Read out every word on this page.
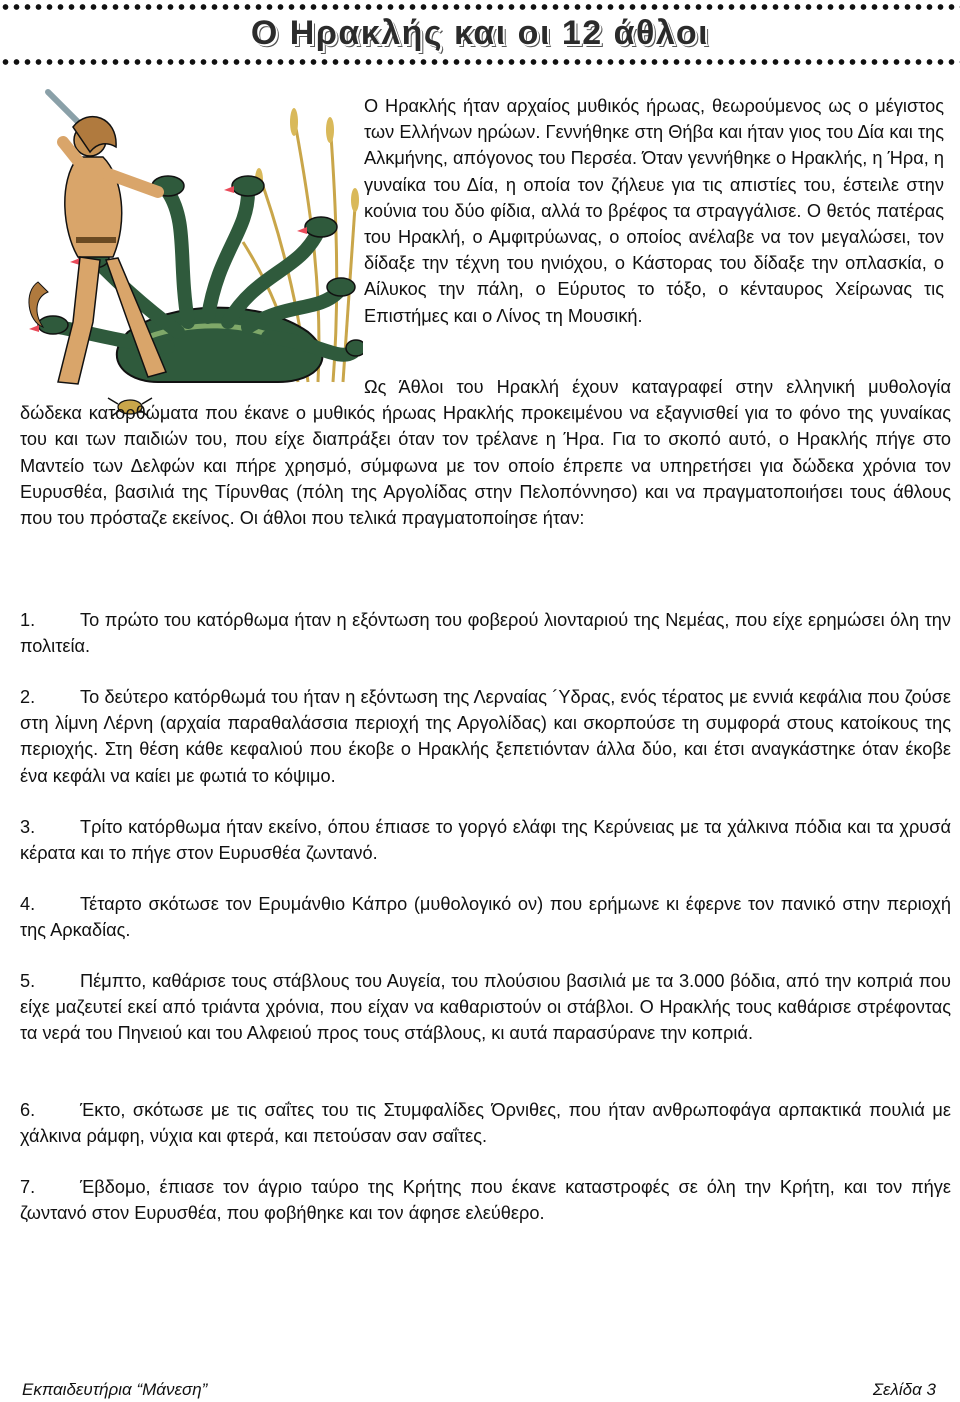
Ο Ηρακλής και οι 12 άθλοι

Ο Ηρακλής ήταν αρχαίος μυθικός ήρωας, θεωρούμενος ως ο μέγιστος των Ελλήνων ηρώων. Γεννήθηκε στη Θήβα και ήταν γιος του Δία και της Αλκμήνης, απόγονος του Περσέα. Όταν γεννήθηκε ο Ηρακλής, η Ήρα, η γυναίκα του Δία, η οποία τον ζήλευε για τις απιστίες του, έστειλε στην κούνια του δύο φίδια, αλλά το βρέφος τα στραγγάλισε. Ο θετός πατέρας του Ηρακλή, ο Αμφιτρύωνας, ο οποίος ανέλαβε να τον μεγαλώσει, τον δίδαξε την τέχνη του ηνιόχου, ο Κάστορας του δίδαξε την οπλασκία, ο Αίλυκος την πάλη, ο Εύρυτος το τόξο, ο κένταυρος Χείρωνας τις Επιστήμες και ο Λίνος τη Μουσική.

Ως Άθλοι του Ηρακλή έχουν καταγραφεί στην ελληνική μυθολογία δώδεκα κατορθώματα που έκανε ο μυθικός ήρωας Ηρακλής προκειμένου να εξαγνισθεί για το φόνο της γυναίκας του και των παιδιών του, που είχε διαπράξει όταν τον τρέλανε η Ήρα. Για το σκοπό αυτό, ο Ηρακλής πήγε στο Μαντείο των Δελφών και πήρε χρησμό, σύμφωνα με τον οποίο έπρεπε να υπηρετήσει για δώδεκα χρόνια τον Ευρυσθέα, βασιλιά της Τίρυνθας (πόλη της Αργολίδας στην Πελοπόννησο) και να πραγματοποιήσει τους άθλους που του πρόσταζε εκείνος. Οι άθλοι που τελικά πραγματοποίησε ήταν:

1. Το πρώτο του κατόρθωμα ήταν η εξόντωση του φοβερού λιονταριού της Νεμέας, που είχε ερημώσει όλη την πολιτεία.

2. Το δεύτερο κατόρθωμά του ήταν η εξόντωση της Λερναίας ´Υδρας, ενός τέρατος με εννιά κεφάλια που ζούσε στη λίμνη Λέρνη (αρχαία παραθαλάσσια περιοχή της Αργολίδας) και σκορπούσε τη συμφορά στους κατοίκους της περιοχής. Στη θέση κάθε κεφαλιού που έκοβε ο Ηρακλής ξεπετιόνταν άλλα δύο, και έτσι αναγκάστηκε όταν έκοβε ένα κεφάλι να καίει με φωτιά το κόψιμο.

3. Τρίτο κατόρθωμα ήταν εκείνο, όπου έπιασε το γοργό ελάφι της Κερύνειας με τα χάλκινα πόδια και τα χρυσά κέρατα και το πήγε στον Ευρυσθέα ζωντανό.

4. Τέταρτο σκότωσε τον Ερυμάνθιο Κάπρο (μυθολογικό ον) που ερήμωνε κι έφερνε τον πανικό στην περιοχή της Αρκαδίας.

5. Πέμπτο, καθάρισε τους στάβλους του Αυγεία, του πλούσιου βασιλιά με τα 3.000 βόδια, από την κοπριά που είχε μαζευτεί εκεί από τριάντα χρόνια, που είχαν να καθαριστούν οι στάβλοι. Ο Ηρακλής τους καθάρισε στρέφοντας τα νερά του Πηνειού και του Αλφειού προς τους στάβλους, κι αυτά παρασύρανε την κοπριά.

6. Έκτο, σκότωσε με τις σαΐτες του τις Στυμφαλίδες Όρνιθες, που ήταν ανθρωποφάγα αρπακτικά πουλιά με χάλκινα ράμφη, νύχια και φτερά, και πετούσαν σαν σαΐτες.

7. Έβδομο, έπιασε τον άγριο ταύρο της Κρήτης που έκανε καταστροφές σε όλη την Κρήτη, και τον πήγε ζωντανό στον Ευρυσθέα, που φοβήθηκε και τον άφησε ελεύθερο.

Εκπαιδευτήρια “Μάνεση”	Σελίδα 3
